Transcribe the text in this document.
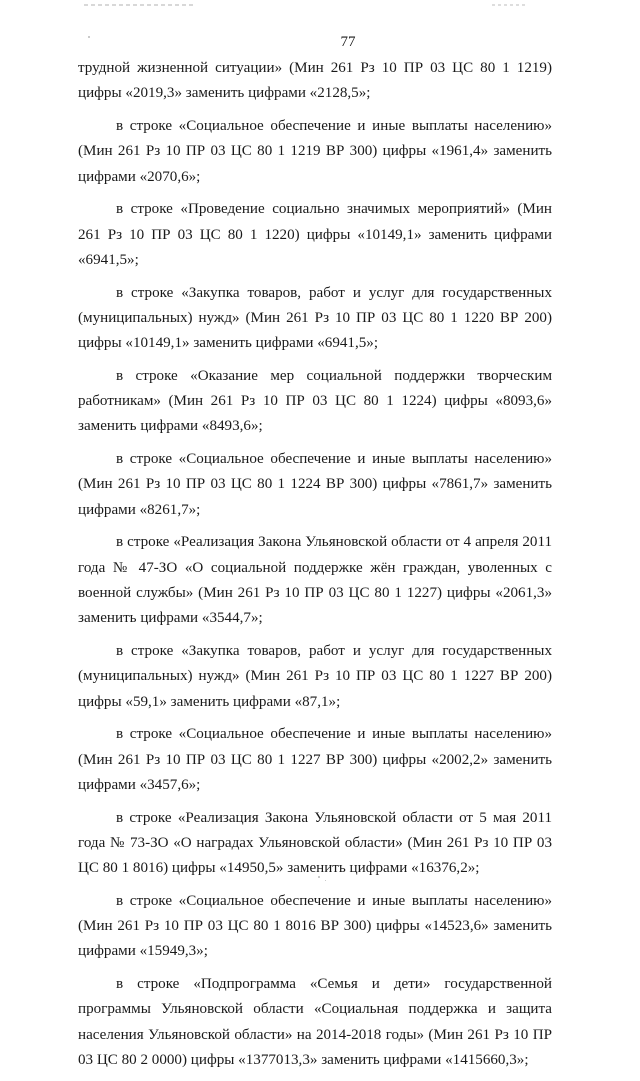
77

трудной жизненной ситуации» (Мин 261 Рз 10 ПР 03 ЦС 80 1 1219) цифры «2019,3» заменить цифрами «2128,5»;

в строке «Социальное обеспечение и иные выплаты населению» (Мин 261 Рз 10 ПР 03 ЦС 80 1 1219 ВР 300) цифры «1961,4» заменить цифрами «2070,6»;

в строке «Проведение социально значимых мероприятий» (Мин 261 Рз 10 ПР 03 ЦС 80 1 1220) цифры «10149,1» заменить цифрами «6941,5»;

в строке «Закупка товаров, работ и услуг для государственных (муниципальных) нужд» (Мин 261 Рз 10 ПР 03 ЦС 80 1 1220 ВР 200) цифры «10149,1» заменить цифрами «6941,5»;

в строке «Оказание мер социальной поддержки творческим работникам» (Мин 261 Рз 10 ПР 03 ЦС 80 1 1224) цифры «8093,6» заменить цифрами «8493,6»;

в строке «Социальное обеспечение и иные выплаты населению» (Мин 261 Рз 10 ПР 03 ЦС 80 1 1224 ВР 300) цифры «7861,7» заменить цифрами «8261,7»;

в строке «Реализация Закона Ульяновской области от 4 апреля 2011 года № 47-ЗО «О социальной поддержке жён граждан, уволенных с военной службы» (Мин 261 Рз 10 ПР 03 ЦС 80 1 1227) цифры «2061,3» заменить цифрами «3544,7»;

в строке «Закупка товаров, работ и услуг для государственных (муниципальных) нужд» (Мин 261 Рз 10 ПР 03 ЦС 80 1 1227 ВР 200) цифры «59,1» заменить цифрами «87,1»;

в строке «Социальное обеспечение и иные выплаты населению» (Мин 261 Рз 10 ПР 03 ЦС 80 1 1227 ВР 300) цифры «2002,2» заменить цифрами «3457,6»;

в строке «Реализация Закона Ульяновской области от 5 мая 2011 года № 73-ЗО «О наградах Ульяновской области» (Мин 261 Рз 10 ПР 03 ЦС 80 1 8016) цифры «14950,5» заменить цифрами «16376,2»;

в строке «Социальное обеспечение и иные выплаты населению» (Мин 261 Рз 10 ПР 03 ЦС 80 1 8016 ВР 300) цифры «14523,6» заменить цифрами «15949,3»;

в строке «Подпрограмма «Семья и дети» государственной программы Ульяновской области «Социальная поддержка и защита населения Ульяновской области» на 2014-2018 годы» (Мин 261 Рз 10 ПР 03 ЦС 80 2 0000) цифры «1377013,3» заменить цифрами «1415660,3»;
